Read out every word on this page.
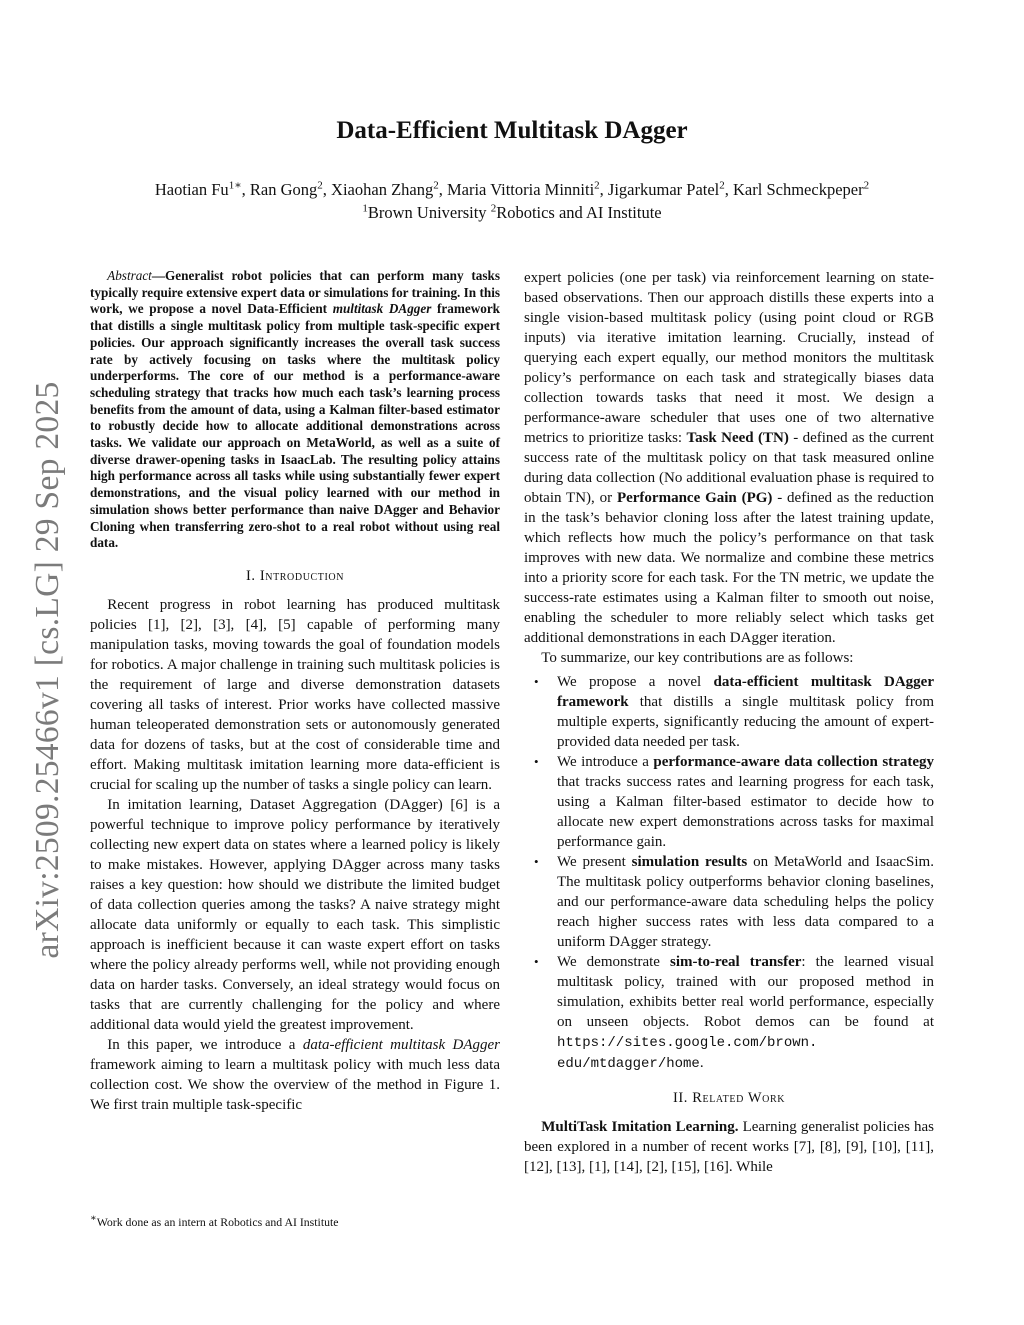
arXiv:2509.25466v1 [cs.LG] 29 Sep 2025
Data-Efficient Multitask DAgger
Haotian $Fu^{1∗}$, Ran Gong$^2$, Xiaohan Zhang$^2$, Maria Vittoria Minniti$^2$, Jigarkumar Patel$^2$, Karl Schmeckpeper$^2$
$^1$Brown University $^2$Robotics and AI Institute

Abstract—Generalist robot policies that can perform many tasks typically require extensive expert data or simulations for training. In this work, we propose a novel Data-Efficient multitask DAgger framework that distills a single multitask policy from multiple task-specific expert policies. Our approach significantly increases the overall task success rate by actively focusing on tasks where the multitask policy underperforms. The core of our method is a performance-aware scheduling strategy that tracks how much each task’s learning process benefits from the amount of data, using a Kalman filter-based estimator to robustly decide how to allocate additional demonstrations across tasks. We validate our approach on MetaWorld, as well as a suite of diverse drawer-opening tasks in IsaacLab. The resulting policy attains high performance across all tasks while using substantially fewer expert demonstrations, and the visual policy learned with our method in simulation shows better performance than naive DAgger and Behavior Cloning when transferring zero-shot to a real robot without using real data.

I. Introduction

Recent progress in robot learning has produced multitask policies [1], [2], [3], [4], [5] capable of performing many manipulation tasks, moving towards the goal of foundation models for robotics. A major challenge in training such multitask policies is the requirement of large and diverse demonstration datasets covering all tasks of interest. Prior works have collected massive human teleoperated demonstration sets or autonomously generated data for dozens of tasks, but at the cost of considerable time and effort. Making multitask imitation learning more data-efficient is crucial for scaling up the number of tasks a single policy can learn.

In imitation learning, Dataset Aggregation (DAgger) [6] is a powerful technique to improve policy performance by iteratively collecting new expert data on states where a learned policy is likely to make mistakes. However, applying DAgger across many tasks raises a key question: how should we distribute the limited budget of data collection queries among the tasks? A naive strategy might allocate data uniformly or equally to each task. This simplistic approach is inefficient because it can waste expert effort on tasks where the policy already performs well, while not providing enough data on harder tasks. Conversely, an ideal strategy would focus on tasks that are currently challenging for the policy and where additional data would yield the greatest improvement.

In this paper, we introduce a data-efficient multitask DAgger framework aiming to learn a multitask policy with much less data collection cost. We show the overview of the method in Figure 1. We first train multiple task-specific

∗Work done as an intern at Robotics and AI Institute

expert policies (one per task) via reinforcement learning on state-based observations. Then our approach distills these experts into a single vision-based multitask policy (using point cloud or RGB inputs) via iterative imitation learning. Crucially, instead of querying each expert equally, our method monitors the multitask policy’s performance on each task and strategically biases data collection towards tasks that need it most. We design a performance-aware scheduler that uses one of two alternative metrics to prioritize tasks: Task Need (TN) - defined as the current success rate of the multitask policy on that task measured online during data collection (No additional evaluation phase is required to obtain TN), or Performance Gain (PG) - defined as the reduction in the task’s behavior cloning loss after the latest training update, which reflects how much the policy’s performance on that task improves with new data. We normalize and combine these metrics into a priority score for each task. For the TN metric, we update the success-rate estimates using a Kalman filter to smooth out noise, enabling the scheduler to more reliably select which tasks get additional demonstrations in each DAgger iteration.

To summarize, our key contributions are as follows:

• We propose a novel data-efficient multitask DAgger framework that distills a single multitask policy from multiple experts, significantly reducing the amount of expert-provided data needed per task.
• We introduce a performance-aware data collection strategy that tracks success rates and learning progress for each task, using a Kalman filter-based estimator to decide how to allocate new expert demonstrations across tasks for maximal performance gain.
• We present simulation results on MetaWorld and IsaacSim. The multitask policy outperforms behavior cloning baselines, and our performance-aware data scheduling helps the policy reach higher success rates with less data compared to a uniform DAgger strategy.
• We demonstrate sim-to-real transfer: the learned visual multitask policy, trained with our proposed method in simulation, exhibits better real world performance, especially on unseen objects. Robot demos can be found at https://sites.google.com/brown. edu/mtdagger/home.
II. Related Work

MultiTask Imitation Learning. Learning generalist policies has been explored in a number of recent works [7], [8], [9], [10], [11], [12], [13], [1], [14], [2], [15], [16]. While
